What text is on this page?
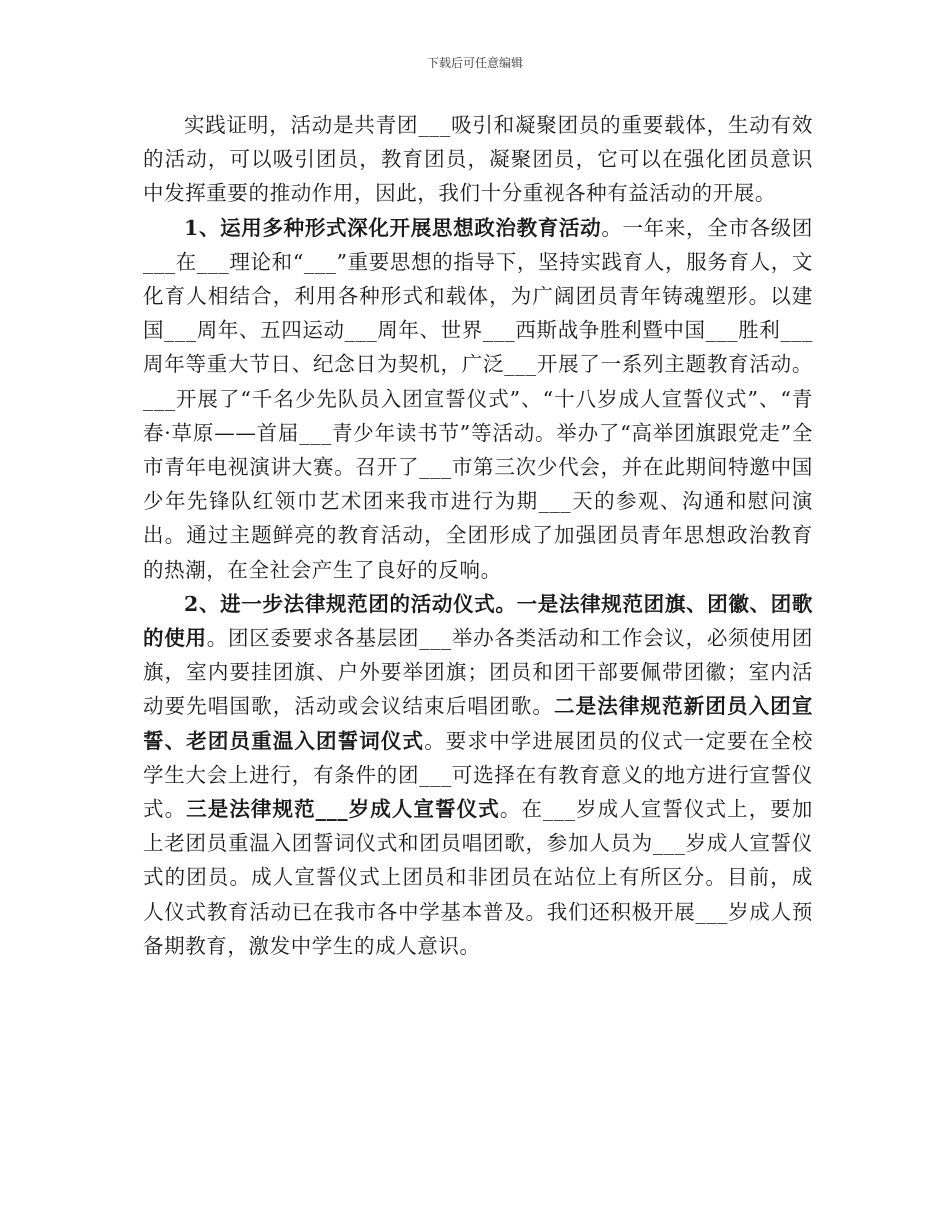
下载后可任意编辑

实践证明，活动是共青团___吸引和凝聚团员的重要载体，生动有效的活动，可以吸引团员，教育团员，凝聚团员，它可以在强化团员意识中发挥重要的推动作用，因此，我们十分重视各种有益活动的开展。

1、运用多种形式深化开展思想政治教育活动。一年来，全市各级团___在___理论和“___”重要思想的指导下，坚持实践育人，服务育人，文化育人相结合，利用各种形式和载体，为广阔团员青年铸魂塑形。以建国___周年、五四运动___周年、世界___西斯战争胜利暨中国___胜利___周年等重大节日、纪念日为契机，广泛___开展了一系列主题教育活动。___开展了“千名少先队员入团宣誓仪式”、“十八岁成人宣誓仪式”、“青春·草原——首届___青少年读书节”等活动。举办了“高举团旗跟党走”全市青年电视演讲大赛。召开了___市第三次少代会，并在此期间特邀中国少年先锋队红领巾艺术团来我市进行为期___天的参观、沟通和慰问演出。通过主题鲜亮的教育活动，全团形成了加强团员青年思想政治教育的热潮，在全社会产生了良好的反响。

2、进一步法律规范团的活动仪式。一是法律规范团旗、团徽、团歌的使用。团区委要求各基层团___举办各类活动和工作会议，必须使用团旗，室内要挂团旗、户外要举团旗；团员和团干部要佩带团徽；室内活动要先唱国歌，活动或会议结束后唱团歌。二是法律规范新团员入团宣誓、老团员重温入团誓词仪式。要求中学进展团员的仪式一定要在全校学生大会上进行，有条件的团___可选择在有教育意义的地方进行宣誓仪式。三是法律规范___岁成人宣誓仪式。在___岁成人宣誓仪式上，要加上老团员重温入团誓词仪式和团员唱团歌，参加人员为___岁成人宣誓仪式的团员。成人宣誓仪式上团员和非团员在站位上有所区分。目前，成人仪式教育活动已在我市各中学基本普及。我们还积极开展___岁成人预备期教育，激发中学生的成人意识。
